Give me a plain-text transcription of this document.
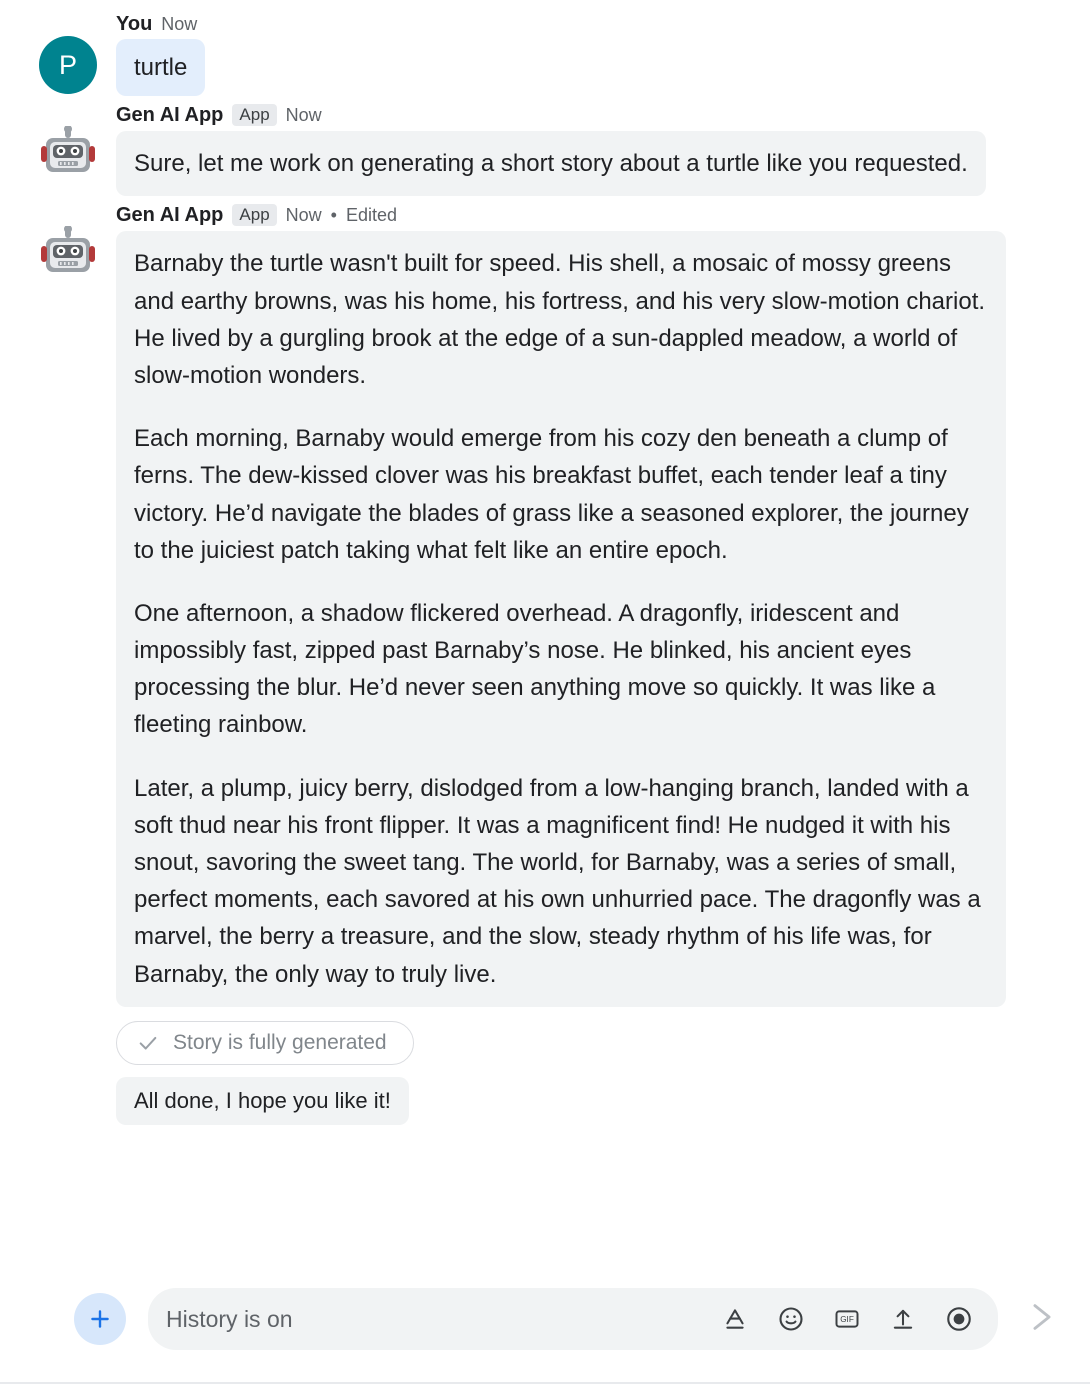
P
You Now
turtle
Gen AI App App Now
Sure, let me work on generating a short story about a turtle like you requested.
Gen AI App App Now • Edited

Barnaby the turtle wasn't built for speed. His shell, a mosaic of mossy greens and earthy browns, was his home, his fortress, and his very slow-motion chariot. He lived by a gurgling brook at the edge of a sun-dappled meadow, a world of slow-motion wonders.

Each morning, Barnaby would emerge from his cozy den beneath a clump of ferns. The dew-kissed clover was his breakfast buffet, each tender leaf a tiny victory. He’d navigate the blades of grass like a seasoned explorer, the journey to the juiciest patch taking what felt like an entire epoch.

One afternoon, a shadow flickered overhead. A dragonfly, iridescent and impossibly fast, zipped past Barnaby’s nose. He blinked, his ancient eyes processing the blur. He’d never seen anything move so quickly. It was like a fleeting rainbow.

Later, a plump, juicy berry, dislodged from a low-hanging branch, landed with a soft thud near his front flipper. It was a magnificent find! He nudged it with his snout, savoring the sweet tang. The world, for Barnaby, was a series of small, perfect moments, each savored at his own unhurried pace. The dragonfly was a marvel, the berry a treasure, and the slow, steady rhythm of his life was, for Barnaby, the only way to truly live.

Story is fully generated
All done, I hope you like it!
History is on
GIF
